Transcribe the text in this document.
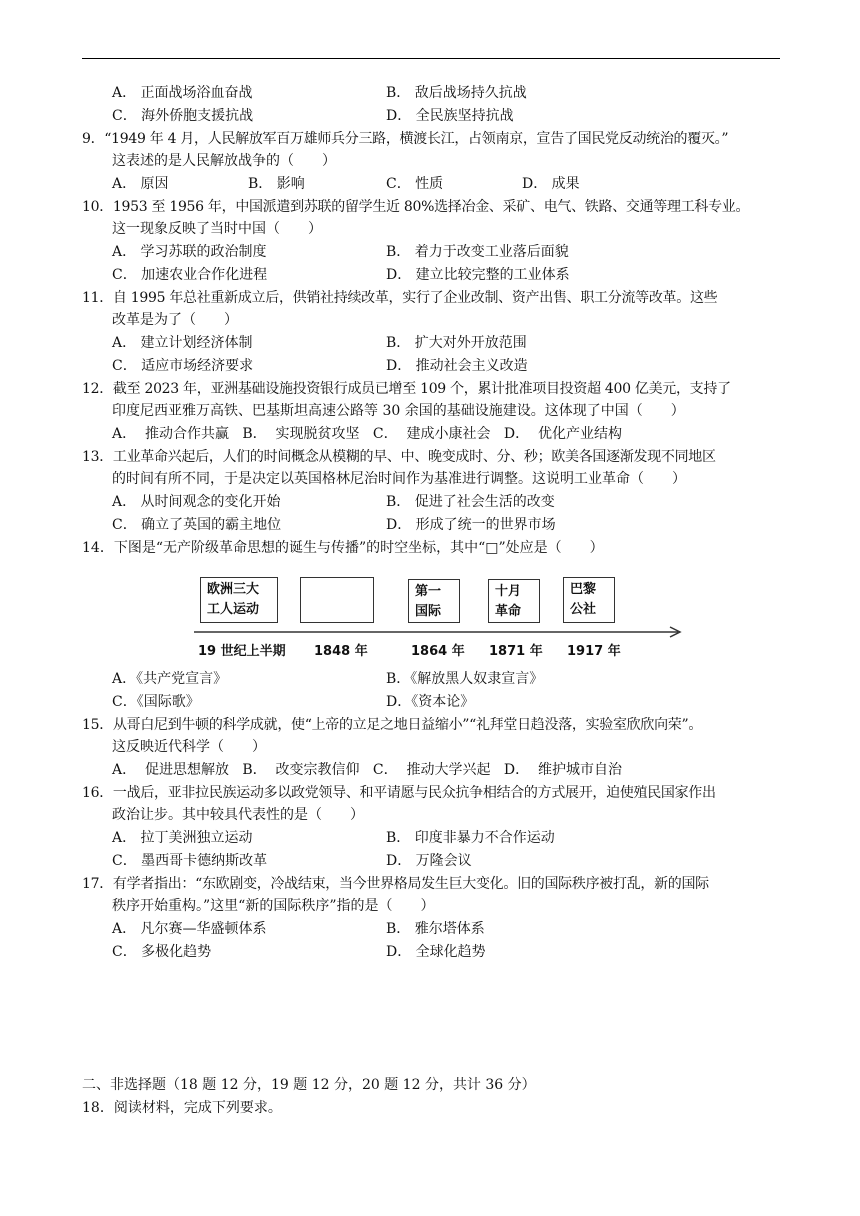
A． 正面战场浴血奋战	B． 敌后战场持久抗战
C． 海外侨胞支援抗战	D． 全民族坚持抗战
9．“1949 年 4 月，人民解放军百万雄师兵分三路，横渡长江，占领南京，宣告了国民党反动统治的覆灭。”
这表述的是人民解放战争的（　　）
A． 原因	B． 影响	C． 性质	D． 成果
10．1953 至 1956 年，中国派遣到苏联的留学生近 80%选择冶金、采矿、电气、铁路、交通等理工科专业。
这一现象反映了当时中国（　　）
A． 学习苏联的政治制度	B． 着力于改变工业落后面貌
C． 加速农业合作化进程	D． 建立比较完整的工业体系
11．自 1995 年总社重新成立后，供销社持续改革，实行了企业改制、资产出售、职工分流等改革。这些
改革是为了（　　）
A． 建立计划经济体制	B． 扩大对外开放范围
C． 适应市场经济要求	D． 推动社会主义改造
12．截至 2023 年，亚洲基础设施投资银行成员已增至 109 个，累计批准项目投资超 400 亿美元，支持了
印度尼西亚雅万高铁、巴基斯坦高速公路等 30 余国的基础设施建设。这体现了中国（　　）
A．  推动合作共赢   B．  实现脱贫攻坚   C．  建成小康社会   D．  优化产业结构
13．工业革命兴起后，人们的时间概念从模糊的早、中、晚变成时、分、秒；欧美各国逐渐发现不同地区
的时间有所不同，于是决定以英国格林尼治时间作为基准进行调整。这说明工业革命（　　）
A． 从时间观念的变化开始	B． 促进了社会生活的改变
C． 确立了英国的霸主地位	D． 形成了统一的世界市场
14．下图是“无产阶级革命思想的诞生与传播”的时空坐标，其中“□”处应是（　　）
欧洲三大
工人运动
第一
国际
十月
革命
巴黎
公社
19 世纪上半期 1848 年	1864 年 1871 年 1917 年
A．《共产党宣言》	B．《解放黑人奴隶宣言》
C．《国际歌》	D．《资本论》
15．从哥白尼到牛顿的科学成就，使“上帝的立足之地日益缩小”“礼拜堂日趋没落，实验室欣欣向荣”。
这反映近代科学（　　）
A．  促进思想解放   B．  改变宗教信仰   C．  推动大学兴起   D．  维护城市自治
16．一战后，亚非拉民族运动多以政党领导、和平请愿与民众抗争相结合的方式展开，迫使殖民国家作出
政治让步。其中较具代表性的是（　　）
A． 拉丁美洲独立运动	B． 印度非暴力不合作运动
C． 墨西哥卡德纳斯改革	D． 万隆会议
17．有学者指出：“东欧剧变，冷战结束，当今世界格局发生巨大变化。旧的国际秩序被打乱，新的国际
秩序开始重构。”这里“新的国际秩序”指的是（　　）
A． 凡尔赛—华盛顿体系	B． 雅尔塔体系
C． 多极化趋势	D． 全球化趋势
二、非选择题（18 题 12 分，19 题 12 分，20 题 12 分，共计 36 分）
18．阅读材料，完成下列要求。
